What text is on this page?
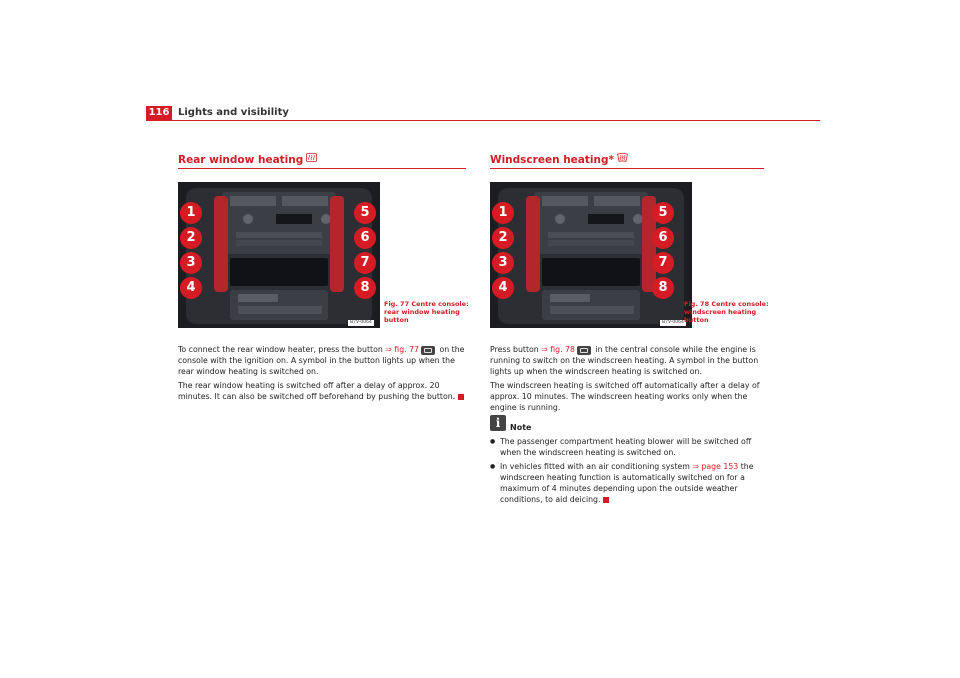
116 Lights and visibility
Rear window heating
1
2
3
4
5
6
7
8
B7V-0064
Fig. 77 Centre console:
rear window heating
button

To connect the rear window heater, press the button ⇒ fig. 77 on the console with the ignition on. A symbol in the button lights up when the rear window heating is switched on.

The rear window heating is switched off after a delay of approx. 20 minutes. It can also be switched off beforehand by pushing the button.

Windscreen heating*
1
2
3
4
5
6
7
8
B7V-0064
Fig. 78 Centre console:
windscreen heating
button

Press button ⇒ fig. 78 in the central console while the engine is running to switch on the windscreen heating. A symbol in the button lights up when the windscreen heating is switched on.

The windscreen heating is switched off automatically after a delay of approx. 10 minutes. The windscreen heating works only when the engine is running.

i	Note
● The passenger compartment heating blower will be switched off when the windscreen heating is switched on.
● In vehicles fitted with an air conditioning system ⇒ page 153 the windscreen heating function is automatically switched on for a maximum of 4 minutes depending upon the outside weather conditions, to aid deicing.
